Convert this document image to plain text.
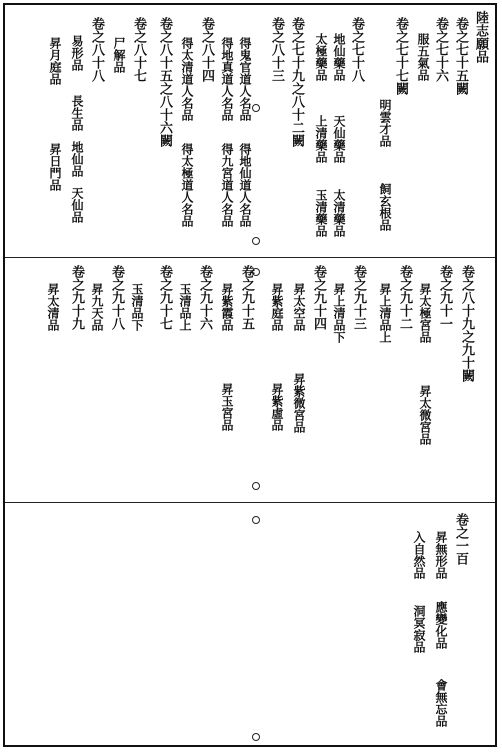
陸志願品
卷之七十五闕
卷之七十六
服五氣品
卷之七十七闕
明雲才品
飼玄根品
卷之七十八
地仙藥品
天仙藥品
太清藥品
太極藥品
上清藥品
玉清藥品
卷之七十九之八十二闕
卷之八十三
得鬼官道人名品
得地仙道人名品
得地真道人名品
得九宮道人名品
卷之八十四
得太清道人名品
得太極道人名品
卷之八十五之八十六闕
卷之八十七
尸解品
卷之八十八
易形品
長生品
地仙品
天仙品
昇月庭品
昇日門品
卷之八十九之九十闕
卷之九十一
昇太極宮品
昇太微宮品
卷之九十二
昇上清品上
卷之九十三
昇上清品下
卷之九十四
昇太空品
昇紫微宮品
昇紫庭品
昇紫虛品
卷之九十五
昇紫霞品
昇玉宮品
卷之九十六
玉清品上
卷之九十七
玉清品下
卷之九十八
昇九天品
卷之九十九
昇太清品
卷之一百
昇無形品
應變化品
會無忘品
入自然品
洞冥寂品
